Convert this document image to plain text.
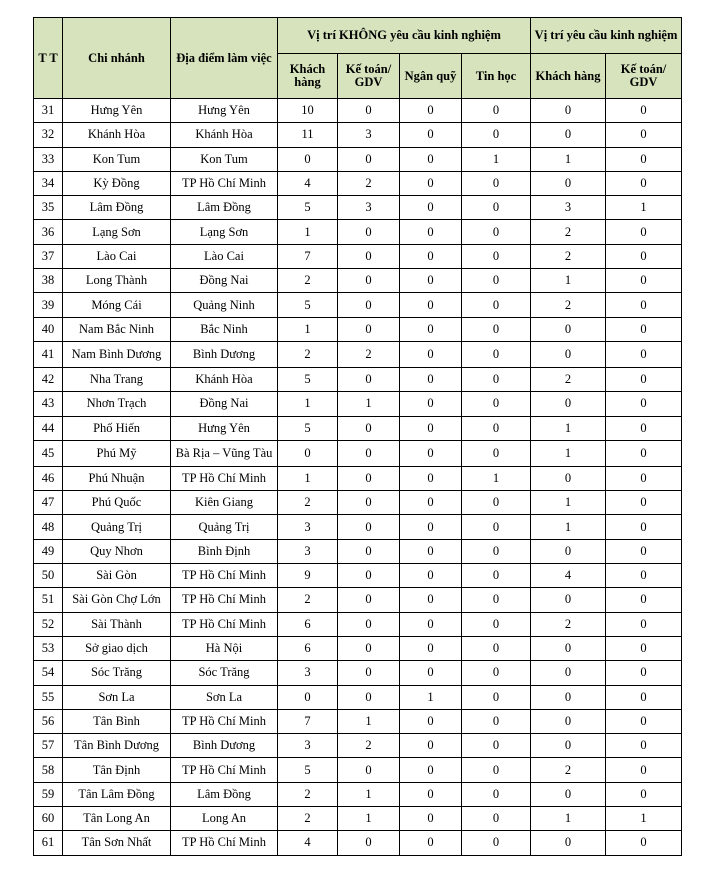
T T	Chi nhánh	Địa điểm làm việc	Vị trí KHÔNG yêu cầu kinh nghiệm				Vị trí yêu cầu kinh nghiệm	
			Khách hàng	Kế toán/ GDV	Ngân quỹ	Tin học	Khách hàng	Kế toán/ GDV
31	Hưng Yên	Hưng Yên	10	0	0	0	0	0
32	Khánh Hòa	Khánh Hòa	11	3	0	0	0	0
33	Kon Tum	Kon Tum	0	0	0	1	1	0
34	Kỳ Đồng	TP Hồ Chí Minh	4	2	0	0	0	0
35	Lâm Đồng	Lâm Đồng	5	3	0	0	3	1
36	Lạng Sơn	Lạng Sơn	1	0	0	0	2	0
37	Lào Cai	Lào Cai	7	0	0	0	2	0
38	Long Thành	Đồng Nai	2	0	0	0	1	0
39	Móng Cái	Quảng Ninh	5	0	0	0	2	0
40	Nam Bắc Ninh	Bắc Ninh	1	0	0	0	0	0
41	Nam Bình Dương	Bình Dương	2	2	0	0	0	0
42	Nha Trang	Khánh Hòa	5	0	0	0	2	0
43	Nhơn Trạch	Đồng Nai	1	1	0	0	0	0
44	Phố Hiến	Hưng Yên	5	0	0	0	1	0
45	Phú Mỹ	Bà Rịa – Vũng Tàu	0	0	0	0	1	0
46	Phú Nhuận	TP Hồ Chí Minh	1	0	0	1	0	0
47	Phú Quốc	Kiên Giang	2	0	0	0	1	0
48	Quảng Trị	Quảng Trị	3	0	0	0	1	0
49	Quy Nhơn	Bình Định	3	0	0	0	0	0
50	Sài Gòn	TP Hồ Chí Minh	9	0	0	0	4	0
51	Sài Gòn Chợ Lớn	TP Hồ Chí Minh	2	0	0	0	0	0
52	Sài Thành	TP Hồ Chí Minh	6	0	0	0	2	0
53	Sở giao dịch	Hà Nội	6	0	0	0	0	0
54	Sóc Trăng	Sóc Trăng	3	0	0	0	0	0
55	Sơn La	Sơn La	0	0	1	0	0	0
56	Tân Bình	TP Hồ Chí Minh	7	1	0	0	0	0
57	Tân Bình Dương	Bình Dương	3	2	0	0	0	0
58	Tân Định	TP Hồ Chí Minh	5	0	0	0	2	0
59	Tân Lâm Đồng	Lâm Đồng	2	1	0	0	0	0
60	Tân Long An	Long An	2	1	0	0	1	1
61	Tân Sơn Nhất	TP Hồ Chí Minh	4	0	0	0	0	0
